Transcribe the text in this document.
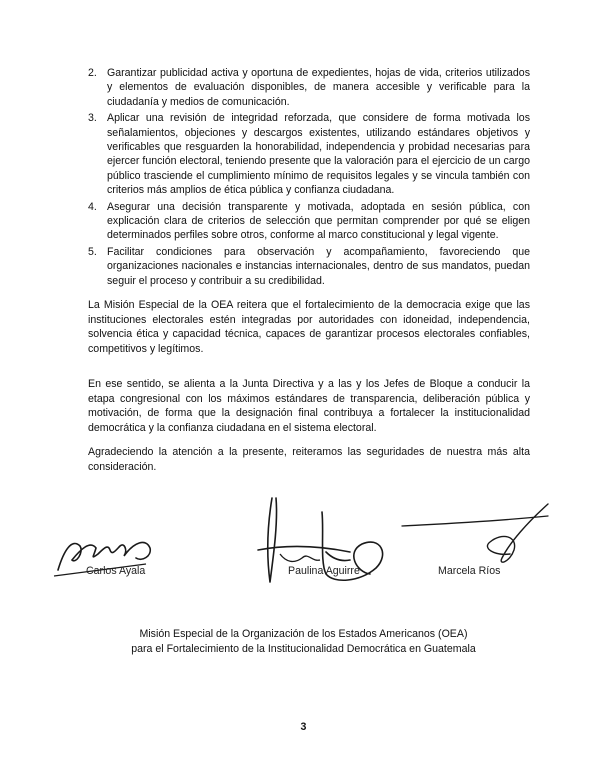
2. Garantizar publicidad activa y oportuna de expedientes, hojas de vida, criterios utilizados y elementos de evaluación disponibles, de manera accesible y verificable para la ciudadanía y medios de comunicación.
3. Aplicar una revisión de integridad reforzada, que considere de forma motivada los señalamientos, objeciones y descargos existentes, utilizando estándares objetivos y verificables que resguarden la honorabilidad, independencia y probidad necesarias para ejercer función electoral, teniendo presente que la valoración para el ejercicio de un cargo público trasciende el cumplimiento mínimo de requisitos legales y se vincula también con criterios más amplios de ética pública y confianza ciudadana.
4. Asegurar una decisión transparente y motivada, adoptada en sesión pública, con explicación clara de criterios de selección que permitan comprender por qué se eligen determinados perfiles sobre otros, conforme al marco constitucional y legal vigente.
5. Facilitar condiciones para observación y acompañamiento, favoreciendo que organizaciones nacionales e instancias internacionales, dentro de sus mandatos, puedan seguir el proceso y contribuir a su credibilidad.

La Misión Especial de la OEA reitera que el fortalecimiento de la democracia exige que las instituciones electorales estén integradas por autoridades con idoneidad, independencia, solvencia ética y capacidad técnica, capaces de garantizar procesos electorales confiables, competitivos y legítimos.

En ese sentido, se alienta a la Junta Directiva y a las y los Jefes de Bloque a conducir la etapa congresional con los máximos estándares de transparencia, deliberación pública y motivación, de forma que la designación final contribuya a fortalecer la institucionalidad democrática y la confianza ciudadana en el sistema electoral.

Agradeciendo la atención a la presente, reiteramos las seguridades de nuestra más alta consideración.

Carlos Ayala	Paulina Aguirre	Marcela Ríos
Misión Especial de la Organización de los Estados Americanos (OEA)
para el Fortalecimiento de la Institucionalidad Democrática en Guatemala
3
